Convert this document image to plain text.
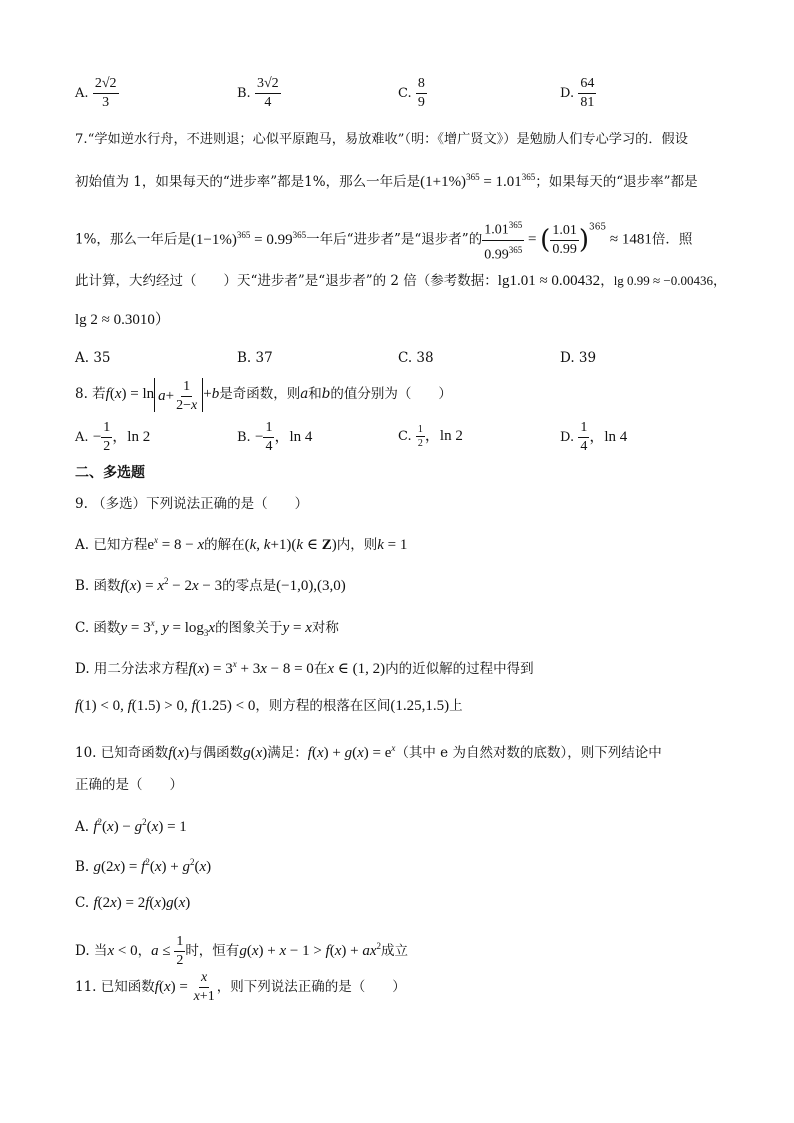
A. $\frac{2√2}{3}$	B. $\frac{3√2}{4}$	C. $\frac{8}{9}$	D. $\frac{64}{81}$
7.“学如逆水行舟，不进则退；心似平原跑马，易放难收”（明：《增广贤文》）是勉励人们专心学习的．假设
初始值为 1，如果每天的“进步率”都是1%，那么一年后是$(1+1\%)^{365} = 1.01^{365}$；如果每天的“退步率”都是
1%，那么一年后是$(1-1\%)^{365} = 0.99^{365}$一年后“进步者”是“退步者”的 $\frac{1.01^{365}}{0.99^{365}}$ = ( $\frac{1.01}{0.99} )^{365} \approx 1481$倍．照
此计算，大约经过（　　）天“进步者”是“退步者”的 2 倍（参考数据：lg1.01 ≈ 0.00432，lg 0.99 ≈ −0.00436，
lg 2 ≈ 0.3010）
A. 35	B. 37	C. 38	D. 39
8. 若$f(x) = \ln a+ \frac{1}{2-x} +b$是奇函数，则a和b的值分别为（　　）
A. − $\frac{1}{2}$ ，ln 2	B. − $\frac{1}{4}$ ，ln 4	C. $\frac{1}{2}$ ，ln 2	D. $\frac{1}{4}$ ，ln 4
二、多选题
9. （多选）下列说法正确的是（　　）
A. 已知方程$e^x = 8 - x$的解在(k, k+1)(k ∈ Z)内，则k = 1
B. 函数$f(x) = x^2 - 2x - 3$的零点是(−1,0),(3,0)
C. 函数$y = 3^x$, $y = \log_3x$的图象关于y = x对称
D. 用二分法求方程$f(x) = 3^x + 3x - 8 = 0$在x ∈ (1, 2)内的近似解的过程中得到
f(1) < 0, f(1.5) > 0, f(1.25) < 0，则方程的根落在区间(1.25,1.5)上
10. 已知奇函数f(x)与偶函数g(x)满足：$f(x) + g(x) = e^x$（其中 e 为自然对数的底数），则下列结论中
正确的是（　　）
A. $f^2(x) - g^2(x) = 1$
B. $g(2x) = f^2(x) + g^2(x)$
C. f(2x) = 2f(x)g(x)
D. 当x < 0，$a \le \frac{1}{2}$ 时，恒有$g(x) + x - 1 > f(x) + ax^2$成立
11. 已知函数$f(x) = \frac{x}{x+1}$ ，则下列说法正确的是（　　）
